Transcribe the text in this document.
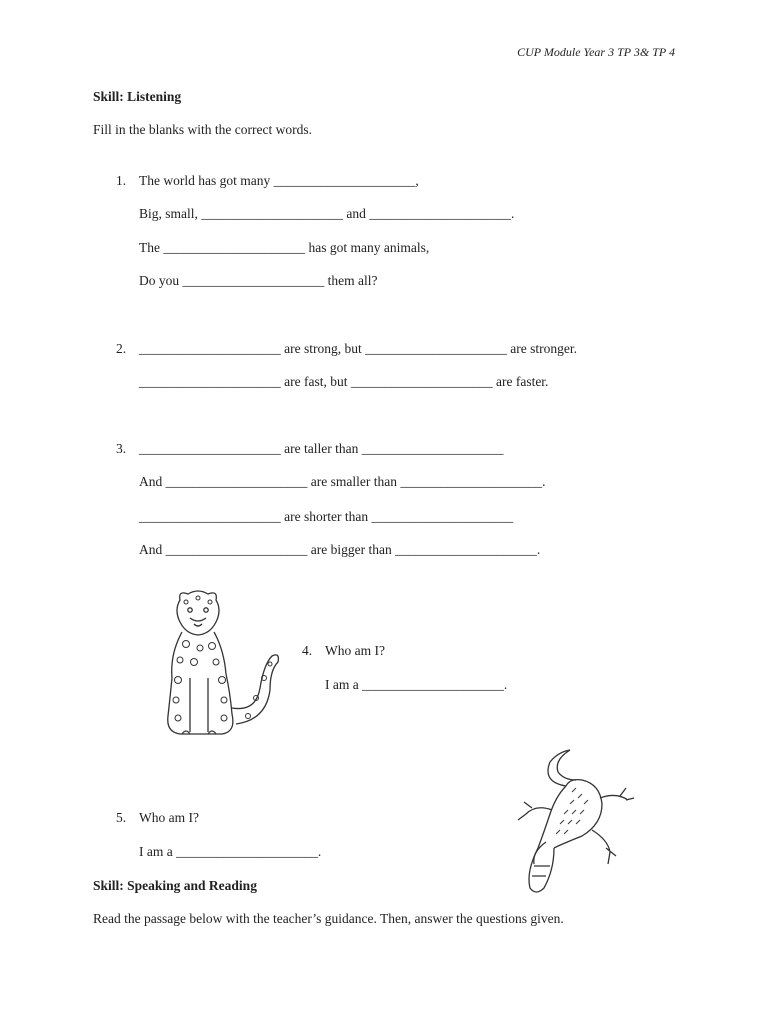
CUP Module Year 3 TP 3& TP 4
Skill: Listening
Fill in the blanks with the correct words.
1. The world has got many _____________________,
Big, small, _____________________ and _____________________.
The _____________________ has got many animals,
Do you _____________________ them all?
2. _____________________ are strong, but _____________________ are stronger.
_____________________ are fast, but _____________________ are faster.
3. _____________________ are taller than _____________________
And _____________________ are smaller than _____________________.
_____________________ are shorter than _____________________
And _____________________ are bigger than _____________________.
4. Who am I?
I am a _____________________.
5. Who am I?
I am a _____________________.
Skill: Speaking and Reading
Read the passage below with the teacher’s guidance. Then, answer the questions given.
